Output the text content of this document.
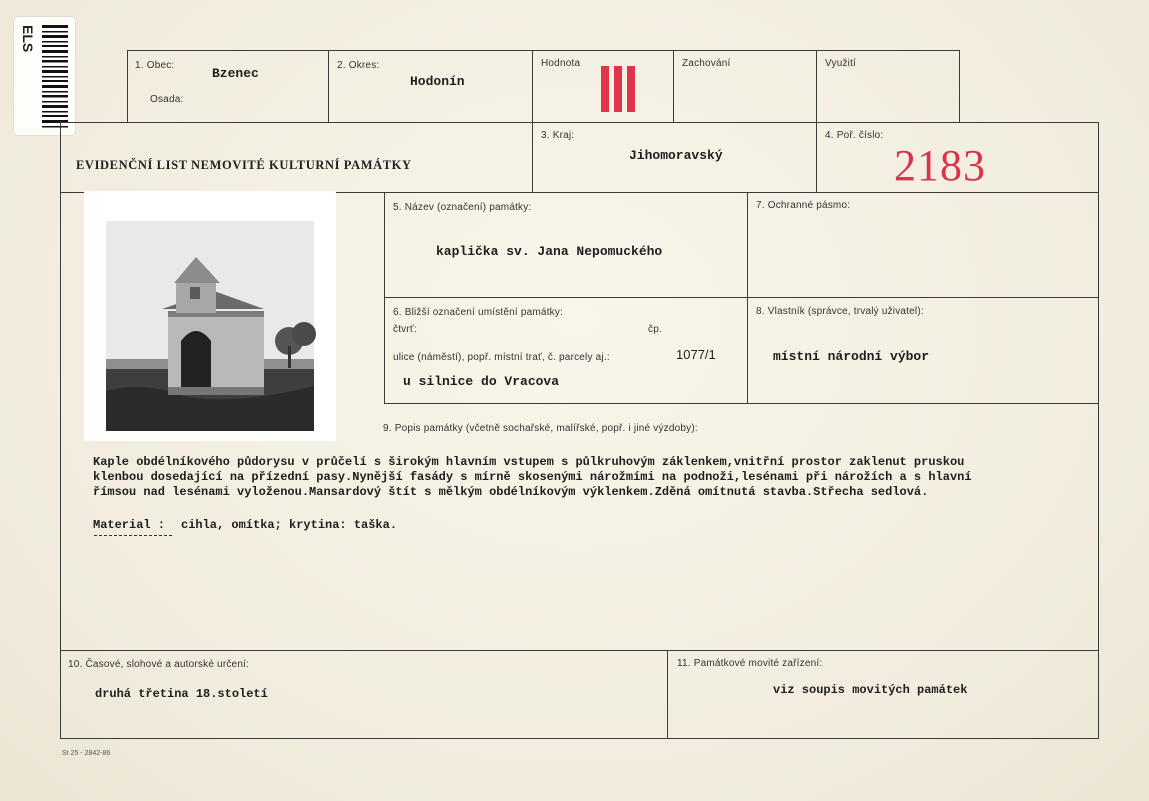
ELS
1. Obec:
Bzenec
Osada:
2. Okres:
Hodonín
Hodnota	Zachování	Využití
EVIDENČNÍ LIST NEMOVITÉ KULTURNÍ PAMÁTKY
3. Kraj:
Jihomoravský
4. Poř. číslo:
2183
5. Název (označení) památky:
kaplička sv. Jana Nepomuckého
7. Ochranné pásmo:
6. Bližší označení umístění památky:
čtvrť:	čp.
ulice (náměstí), popř. místní trať, č. parcely aj.:	1077/1
u silnice do Vracova
8. Vlastník (správce, trvalý uživatel):
místní národní výbor
9. Popis památky (včetně sochařské, malířské, popř. i jiné výzdoby):
Kaple obdélníkového půdorysu v průčelí s širokým hlavním vstupem s půlkruhovým záklenkem,vnitřní prostor zaklenut pruskou
klenbou dosedající na přízední pasy.Nynější fasády s mírně skosenými nárožmími na podnoži,lesénami při nárožích a s hlavní
římsou nad lesénami vyloženou.Mansardový štít s mělkým obdélníkovým výklenkem.Zděná omítnutá stavba.Střecha sedlová.
Material : cihla, omítka; krytina: taška.
10. Časové, slohové a autorské určení:
druhá třetina 18.století
11. Památkové movité zařízení:
viz soupis movitých památek
St 25 - 2842-86
